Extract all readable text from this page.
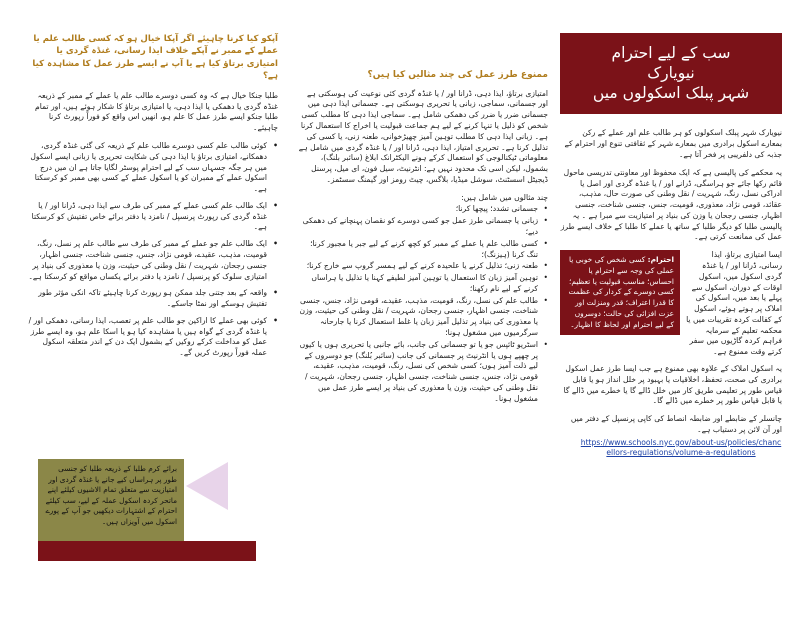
سب کے لیے احترام
نیویارک
شہر پبلک اسکولوں میں
نیویارک شہر پبلک اسکولوں کو ہر طالب علم اور عملے کے رکن بمعارے اسکول برادری میں بمعارے شہر کے ثقافتی تنوع اور احترام کے جذبہ کی دلفریبی پر فخر آتا ہے۔
یہ محکمے کی پالیسی ہے کہ ایک محفوظ اور معاونتی تدریسی ماحول قائم رکھا جائے جو ہراسگی، ڈرانے اور / یا غنڈہ گردی اور اصل یا ادراکی نسل، رنگ، شہریت / نقل وطنی کی صورت حال، مذہب، عقائد، قومی نژاد، معذوری، قومیت، جنس، جنسی شناخت، جنسی اظہار، جنسی رجحان یا وزن کی بنیاد پر امتیازیت سے مبرا ہے ۔ یہ پالیسی طلبا کو دیگر طلبا کے ساتھ یا عملے کا طلبا کے خلاف ایسے طرز عمل کی ممانعت کرتی ہے۔
احترام: کسی شخص کی خوبی یا عملی کی وجہ سے احترام یا احساس؛ مناسب قبولیت یا تعظیم؛ کسی دوسرے کے کردار کی عظمت کا قدرا اعتراف؛ قدر ومنزلت اور عزت افزائی کی حالت؛ دوسروں کے لیے احترام اور لحاظ کا اظہار۔
ایسا امتیازی برتاؤ، ایذا رسانی، ڈرانا اور / یا غنڈہ گردی اسکول میں، اسکول اوقات کے دوران، اسکول سے پہلے یا بعد میں، اسکول کی املاک پر ہوتے ہوئے، اسکول کے کفالت کردہ تقریبات میں یا محکمہ تعلیم کے سرمایہ فراہم کردہ گاڑیوں میں سفر کرتے وقت ممنوع ہے۔
یہ اسکول املاک کے علاوہ بھی ممنوع ہے جب ایسا طرز عمل اسکول برادری کی صحت، تحفظ، اخلاقیات یا بہبود پر خلل انداز ہو یا قابل قیاس طور پر تعلیمی طریق کار میں خلل ڈالے گا یا خطرے میں ڈالے گا یا قابل قیاس طور پر خطرے میں ڈالے گا۔
چانسلر کے ضابطے اور ضابطہ انصاط کی کاپی پرنسپل کے دفتر میں اور آن لائن پر دستیاب ہے۔
https://www.schools.nyc.gov/about-us/policies/chancellors-regulations/volume-a-regulations
ممنوع طرز عمل کی چند مثالیں کیا ہیں؟
امتیازی برتاؤ، ایذا دہی، ڈرانا اور / یا غنڈہ گردی کئی نوعیت کی ہوسکتی ہے اور جسمانی، سماجی، زبانی یا تحریری ہوسکتی ہے۔ جسمانی ایذا دہی میں جسمانی ضرر یا ضرر کی دھمکی شامل ہے۔ سماجی ایذا دہی کا مطلب کسی شخص کو ذلیل یا تنہا کرنے کے لیے ہم جماعت قبولیت یا اخراج کا استعمال کرنا ہے۔ زبانی ایذا دہی کا مطلب توہین آمیز چھیڑخوانی، طعنہ زنی، یا کسی کی تذلیل کرنا ہے۔ تحریری امتیاز، ایذا دہی، ڈرانا اور / یا غنڈہ گردی میں شامل ہے معلوماتی ٹیکنالوجی کو استعمال کرکے ہونے الیکٹرانک ابلاغ (سائبر بلنگ)، بشمول، لیکن اسی تک محدود نہیں ہے: انٹرنیٹ، سیل فون، ای میل، پرسنل ڈیجیٹل اسسٹنٹ، سوشل میڈیا، بلاگس، چیٹ رومز اور گیمنگ سسٹمز۔
چند مثالوں میں شامل ہیں:
• جسمانی تشدد؛ پیچھا کرنا؛
• زبانی یا جسمانی طرز عمل جو کسی دوسرے کو نقصان پہنچانے کی دھمکی دیے؛
• کسی طالب علم یا عملے کے ممبر کو کچھ کرنے کے لیے جبر یا مجبور کرنا؛ تنگ کرنا (ہیزنگ)؛
• طعنہ زنی؛ تذلیل کرنے یا علحیدہ کرنے کے لیے ہمسر گروپ سے خارج کرنا؛
• توہین آمیز زبان کا استعمال یا توہین آمیز لطیفے کہنا یا تذلیل یا ہراساں کرنے کے لیے نام رکھنا؛
• طالب علم کی نسل، رنگ، قومیت، مذہب، عقیدے، قومی نژاد، جنس، جنسی شناخت، جنسی اظہار، جنسی رجحان، شہریت / نقل وطنی کی حیثیت، وزن یا معذوری کی بنیاد پر تذلیل آمیز زبان یا غلط استعمال کرنا یا جارحانہ سرگرمیوں میں مشغول ہونا؛
• اسٹریو ٹائپس جو یا تو جسمانی کی جانب، بائے جانبی یا تحریری ہوں یا کیوں پر چھپے ہوں یا انٹرنیٹ پر جسمانی کی جانب (سائبر بُلنگ) جو دوسروں کے لیے ذلت آمیز ہوں؛ کسی شخص کی نسل، رنگ، قومیت، مذہب، عقیدے، قومی نژاد، جنس، جنسی شناخت، جنسی اظہار، جنسی رجحان، شہریت / نقل وطنی کی حیثیت، وزن یا معذوری کی بنیاد پر ایسے طرز عمل میں مشغول ہونا۔
آپکو کیا کرنا چاہیئے اگر آپکا خیال ہو کہ کسی طالب علم یا عملے کے ممبر نے آپکے خلاف ایذا رسانی، غنڈہ گردی یا امتیازی برتاؤ کیا ہے یا آپ نے ایسے طرز عمل کا مشاہدہ کیا ہے؟
طلبا جنکا خیال ہے کہ وہ کسی دوسرے طالب علم یا عملے کے ممبر کے ذریعہ غنڈہ گردی یا دھمکی یا ایذا دہی، یا امتیازی برتاؤ کا شکار ہوئے ہیں، اور تمام طلبا جنکو ایسے طرز عمل کا علم ہو، انھیں اس واقع کو فوراً رپورٹ کرنا چاہیئے۔
• کوئی طالب علم کسی دوسرے طالب علم کے ذریعہ کی گئی غنڈہ گردی، دھمکانے، امتیازی برتاؤ یا ایذا دہی کی شکایت تحریری یا زبانی ایسے اسکول میں ہر جگہ جسہاں سب کے لیے احترام پوسٹر لگایا جاتا ہے ان میں درج اسکول عملے کے ممبران کو یا اسکول عملے کے کسی بھی ممبر کو کرسکتا ہے۔
• ایک طالب علم کسی عملے کے ممبر کی طرف سے ایذا دہی، ڈرانا اور / یا غنڈہ گردی کی رپورٹ پرنسپل / نامزد یا دفتر برائے خاص تفتیش کو کرسکتا ہے۔
• ایک طالب علم جو عملے کے ممبر کی طرف سے طالب علم پر نسل، رنگ، قومیت، مذہب، عقیدے، قومی نژاد، جنس، جنسی شناخت، جنسی اظہار، جنسی رجحان، شہریت / نقل وطنی کی حیثیت، وزن یا معذوری کی بنیاد پر امتیازی سلوک کو پرنسپل / نامزد یا دفتر برائے یکساں مواقع کو کرسکتا ہے۔
• واقعہ کے بعد جتنی جلد ممکن ہو رپورٹ کرنا چاہیئے تاکہ انکی مؤثر طور تفتیش ہوسکے اور نمٹا جاسکے۔
• کوئی بھی عملے کا اراکین جو طالب علم پر تعصب، ایذا رسانی، دھمکی اور / یا غنڈہ گردی کے گواہ ہیں یا مشاہدہ کیا ہو یا اسکا علم ہو، وہ ایسے طرز عمل کو مداخلت کرکے روکیں کے بشمول ایک دن کے اندر متعلقہ اسکول عملہ فوراً رپورٹ کریں گے۔
برائے کرم طلبا کے ذریعہ طلبا کو جنسی طور پر ہراساں کیے جانے یا غنڈہ گردی اور امتیازیت سے متعلق تمام الاشیوں کیلئے اپنے ماتحر کردہ اسکول عملہ کے لیے، سب کیلئے احترام کے اشتہارات دیکھیں جو آپ کے پورے اسکول میں آویزاں ہیں۔
